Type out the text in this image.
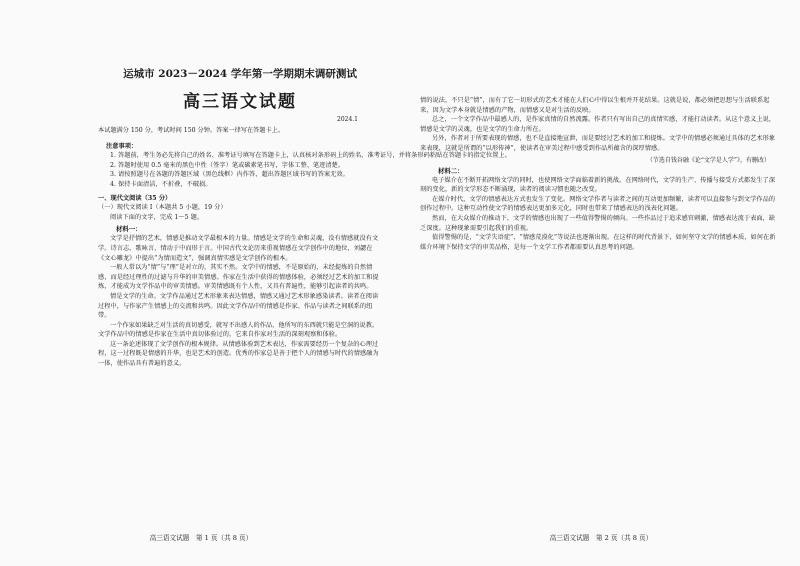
运城市 2023－2024 学年第一学期期末调研测试
高三语文试题
2024.1
本试题满分 150 分，考试时间 150 分钟。答案一律写在答题卡上。
注意事项：
1. 答题前，考生务必先将自己的姓名、准考证号填写在答题卡上，认真核对条形码上的姓名、准考证号，并将条形码粘贴在答题卡的指定位置上。
2. 答题时使用 0.5 毫米的黑色中性（签字）笔或碳素笔书写，字体工整、笔迹清楚。
3. 请按照题号在各题的答题区域（黑色线框）内作答，超出答题区域书写的答案无效。
4. 保持卡面清洁，不折叠，不破损。
一、现代文阅读（35 分）
（一）现代文阅读 I（本题共 5 小题，19 分）
阅读下面的文字，完成 1～5 题。
材料一：

文学是抒情的艺术，情感是推动文学最根本的力量。情感是文学的生命和灵魂，没有情感就没有文学。诗言志，歌咏言，情动于中而形于言。中国古代文论历来重视情感在文学创作中的地位，刘勰在《文心雕龙》中提出“为情而造文”，强调真情实感是文学创作的根本。

一般人常以为“情”与“理”是对立的，其实不然。文学中的情感，不是原始的、未经提炼的自然情感，而是经过理性的过滤与升华的审美情感。作家在生活中获得的情感体验，必须经过艺术的加工和提炼，才能成为文学作品中的审美情感。审美情感既有个人性，又具有普遍性，能够引起读者的共鸣。

情是文学的生命。文学作品通过艺术形象来表达情感，情感又通过艺术形象感染读者。读者在阅读过程中，与作家产生情感上的交流和共鸣。因此文学作品中的情感是作家、作品与读者之间联系的纽带。

一个作家如果缺乏对生活的真切感受，就写不出感人的作品，他所写的东西就只能是空洞的说教。文学作品中的情感是作家在生活中真切体验过的，它来自作家对生活的深刻观察和体验。

这一条论述体现了文学创作的根本规律。从情感体验到艺术表达，作家需要经历一个复杂的心理过程，这一过程既是情感的升华，也是艺术的创造。优秀的作家总是善于把个人的情感与时代的情感融为一体，使作品具有普遍的意义。

高三语文试题　第 1 页（共 8 页）

情的说法，不只是“情”，而有了它一切形式的艺术才能在人们心中得以生根并开花结果。这就是说，都必须把思想与生活联系起来，因为文学本身就是情感的产物，而情感又是对生活的反映。

总之，一个文学作品中最感人的，是作家真情的自然流露。作者只有写出自己的真情实感，才能打动读者。从这个意义上说，情感是文学的灵魂，也是文学的生命力所在。

另外，作者对于所要表现的情感，也不是直接地宣泄，而是要经过艺术的加工和提炼。文学中的情感必须通过具体的艺术形象来表现，这就是所谓的“以形传神”，使读者在审美过程中感受到作品所蕴含的深厚情感。

（节选自钱谷融《论“文学是人学”》，有删改）
材料二：

电子媒介在不断开拓网络文学的同时，也使网络文学面临着新的挑战。在网络时代，文学的生产、传播与接受方式都发生了深刻的变化，新的文学形态不断涌现，读者的阅读习惯也随之改变。

在媒介时代，文学的情感表达方式也发生了变化。网络文学作者与读者之间的互动更加频繁，读者可以直接参与到文学作品的创作过程中。这种互动性使文学的情感表达更加多元化，同时也带来了情感表达的浅表化问题。

然而，在大众媒介的推动下，文学的情感也出现了一些值得警惕的倾向。一些作品过于追求感官刺激，情感表达流于表面，缺乏深度。这种现象需要引起我们的重视。

值得警惕的是，“文学失语症”、“情感荒漠化”等说法也逐渐出现。在这样的时代背景下，如何坚守文学的情感本质，如何在新媒介环境下保持文学的审美品格，是每一个文学工作者都需要认真思考的问题。

高三语文试题　第 2 页（共 8 页）
